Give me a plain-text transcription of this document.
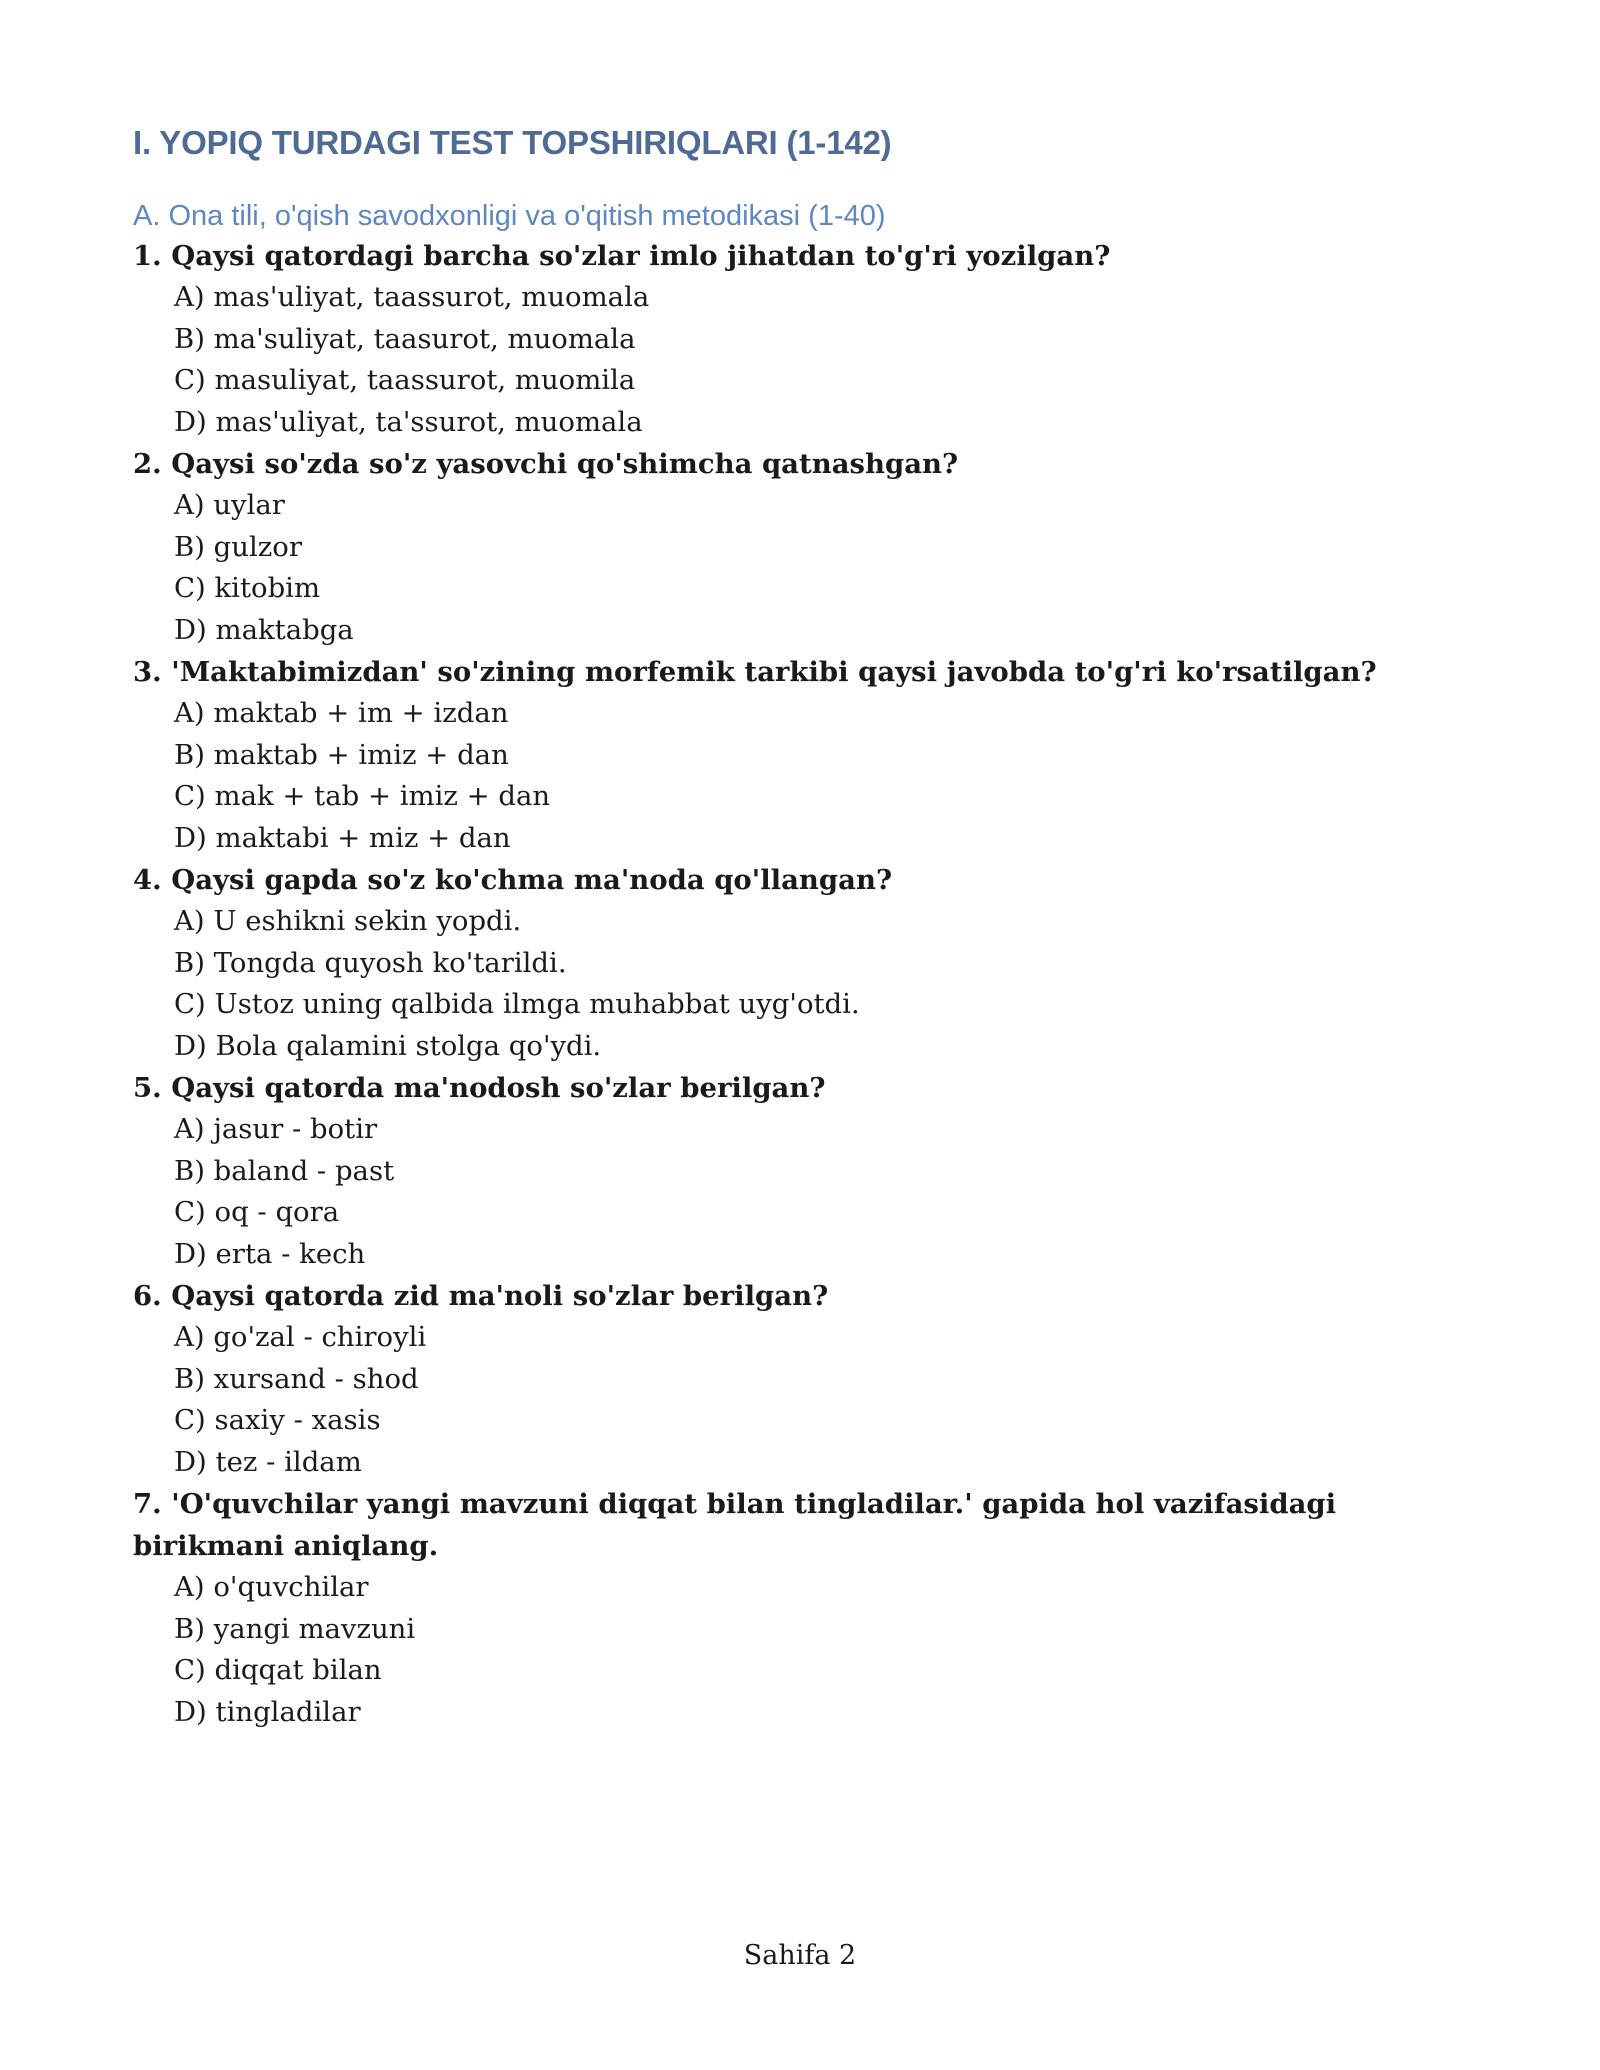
I. YOPIQ TURDAGI TEST TOPSHIRIQLARI (1-142)
A. Ona tili, o'qish savodxonligi va o'qitish metodikasi (1-40)

1. Qaysi qatordagi barcha so'zlar imlo jihatdan to'g'ri yozilgan?

A) mas'uliyat, taassurot, muomala
B) ma'suliyat, taasurot, muomala
C) masuliyat, taassurot, muomila
D) mas'uliyat, ta'ssurot, muomala

2. Qaysi so'zda so'z yasovchi qo'shimcha qatnashgan?

A) uylar
B) gulzor
C) kitobim
D) maktabga

3. 'Maktabimizdan' so'zining morfemik tarkibi qaysi javobda to'g'ri ko'rsatilgan?

A) maktab + im + izdan
B) maktab + imiz + dan
C) mak + tab + imiz + dan
D) maktabi + miz + dan

4. Qaysi gapda so'z ko'chma ma'noda qo'llangan?

A) U eshikni sekin yopdi.
B) Tongda quyosh ko'tarildi.
C) Ustoz uning qalbida ilmga muhabbat uyg'otdi.
D) Bola qalamini stolga qo'ydi.

5. Qaysi qatorda ma'nodosh so'zlar berilgan?

A) jasur - botir
B) baland - past
C) oq - qora
D) erta - kech

6. Qaysi qatorda zid ma'noli so'zlar berilgan?

A) go'zal - chiroyli
B) xursand - shod
C) saxiy - xasis
D) tez - ildam

7. 'O'quvchilar yangi mavzuni diqqat bilan tingladilar.' gapida hol vazifasidagi birikmani aniqlang.

A) o'quvchilar
B) yangi mavzuni
C) diqqat bilan
D) tingladilar
Sahifa 2
